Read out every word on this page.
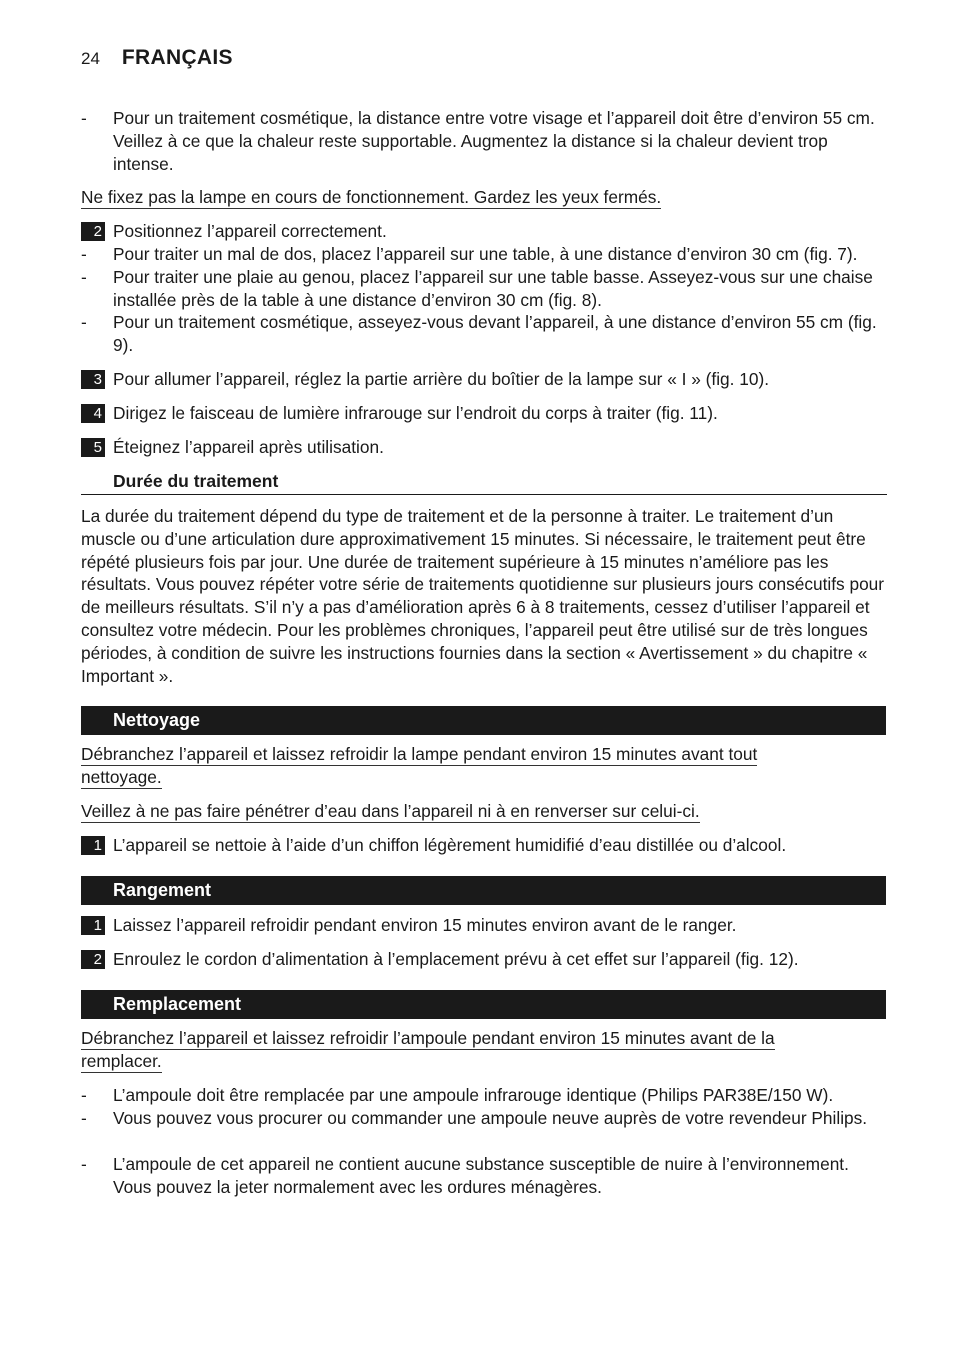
24 FRANÇAIS
-	Pour un traitement cosmétique, la distance entre votre visage et l’appareil doit être d’environ 55 cm. Veillez à ce que la chaleur reste supportable. Augmentez la distance si la chaleur devient trop intense.
Ne fixez pas la lampe en cours de fonctionnement. Gardez les yeux fermés.
2 Positionnez l’appareil correctement.
-	Pour traiter un mal de dos, placez l’appareil sur une table, à une distance d’environ 30 cm (fig. 7).
-	Pour traiter une plaie au genou, placez l’appareil sur une table basse. Asseyez-vous sur une chaise installée près de la table à une distance d’environ 30 cm (fig. 8).
-	Pour un traitement cosmétique, asseyez-vous devant l’appareil, à une distance d’environ 55 cm (fig. 9).
3 Pour allumer l’appareil, réglez la partie arrière du boîtier de la lampe sur « I » (fig. 10).
4 Dirigez le faisceau de lumière infrarouge sur l’endroit du corps à traiter (fig. 11).
5 Éteignez l’appareil après utilisation.
Durée du traitement
La durée du traitement dépend du type de traitement et de la personne à traiter. Le traitement d’un muscle ou d’une articulation dure approximativement 15 minutes. Si nécessaire, le traitement peut être répété plusieurs fois par jour. Une durée de traitement supérieure à 15 minutes n’améliore pas les résultats. Vous pouvez répéter votre série de traitements quotidienne sur plusieurs jours consécutifs pour de meilleurs résultats. S’il n’y a pas d’amélioration après 6 à 8 traitements, cessez d’utiliser l’appareil et consultez votre médecin. Pour les problèmes chroniques, l’appareil peut être utilisé sur de très longues périodes, à condition de suivre les instructions fournies dans la section « Avertissement » du chapitre « Important ».
Nettoyage
Débranchez l’appareil et laissez refroidir la lampe pendant environ 15 minutes avant tout nettoyage.
Veillez à ne pas faire pénétrer d’eau dans l’appareil ni à en renverser sur celui-ci.
1 L’appareil se nettoie à l’aide d’un chiffon légèrement humidifié d’eau distillée ou d’alcool.
Rangement
1 Laissez l’appareil refroidir pendant environ 15 minutes environ avant de le ranger.
2 Enroulez le cordon d’alimentation à l’emplacement prévu à cet effet sur l’appareil (fig. 12).
Remplacement
Débranchez l’appareil et laissez refroidir l’ampoule pendant environ 15 minutes avant de la remplacer.
-	L’ampoule doit être remplacée par une ampoule infrarouge identique (Philips PAR38E/150 W).
-	Vous pouvez vous procurer ou commander une ampoule neuve auprès de votre revendeur Philips.
-	L’ampoule de cet appareil ne contient aucune substance susceptible de nuire à l’environnement. Vous pouvez la jeter normalement avec les ordures ménagères.
